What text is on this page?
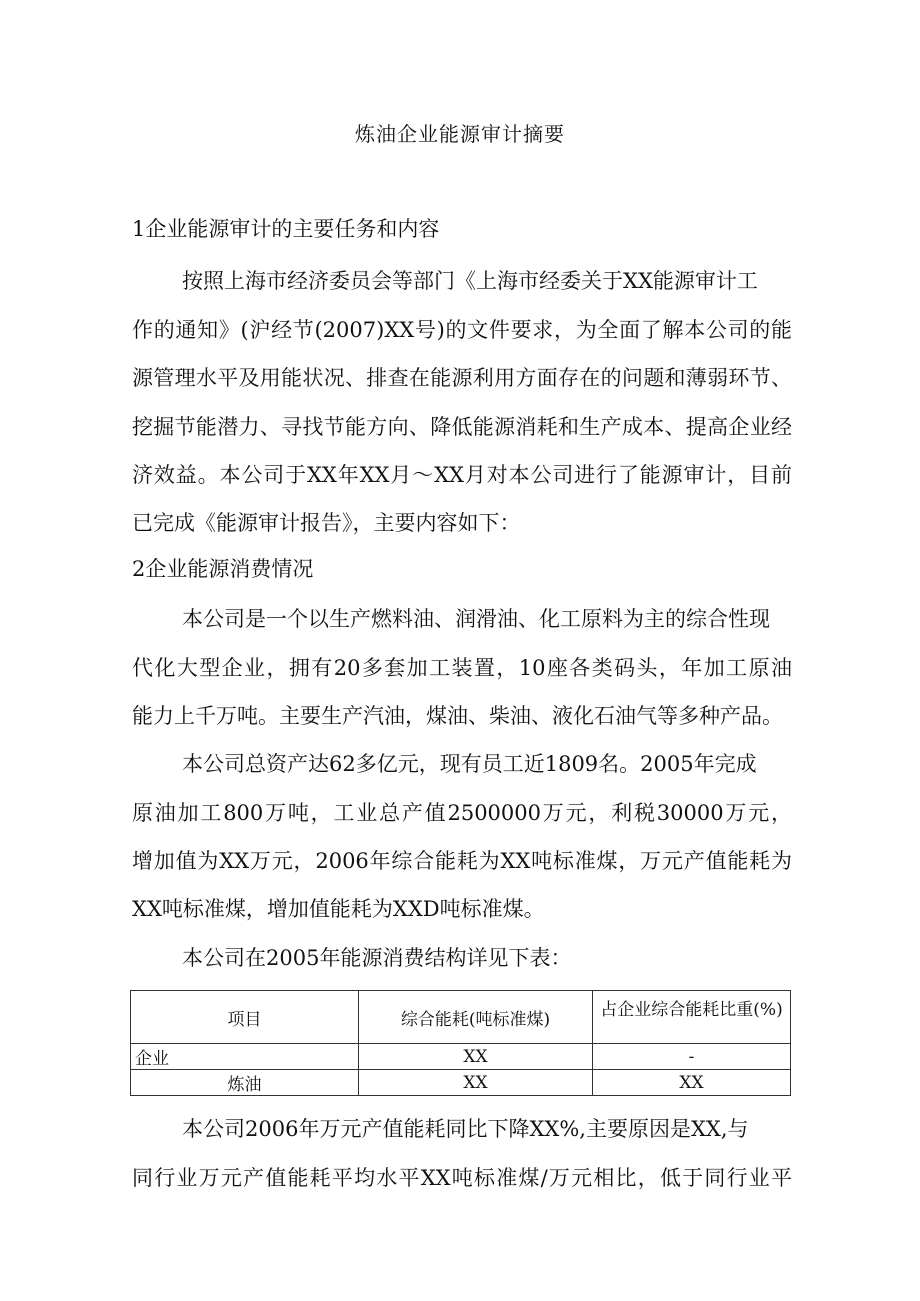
炼油企业能源审计摘要
1企业能源审计的主要任务和内容
按照上海市经济委员会等部门《上海市经委关于XX能源审计工
作的通知》(沪经节(2007)XX号)的文件要求，为全面了解本公司的能
源管理水平及用能状况、排查在能源利用方面存在的问题和薄弱环节、
挖掘节能潜力、寻找节能方向、降低能源消耗和生产成本、提高企业经
济效益。本公司于XX年XX月～XX月对本公司进行了能源审计，目前
已完成《能源审计报告》，主要内容如下：
2企业能源消费情况
本公司是一个以生产燃料油、润滑油、化工原料为主的综合性现
代化大型企业，拥有20多套加工装置，10座各类码头，年加工原油
能力上千万吨。主要生产汽油，煤油、柴油、液化石油气等多种产品。
本公司总资产达62多亿元，现有员工近1809名。2005年完成
原油加工800万吨，工业总产值2500000万元，利税30000万元，
增加值为XX万元，2006年综合能耗为XX吨标准煤，万元产值能耗为
XX吨标准煤，增加值能耗为XXD吨标准煤。
本公司在2005年能源消费结构详见下表：
项目	综合能耗(吨标准煤)	占企业综合能耗比重(%)
企业	XX	-
炼油	XX	XX
本公司2006年万元产值能耗同比下降XX%,主要原因是XX,与
同行业万元产值能耗平均水平XX吨标准煤/万元相比，低于同行业平
